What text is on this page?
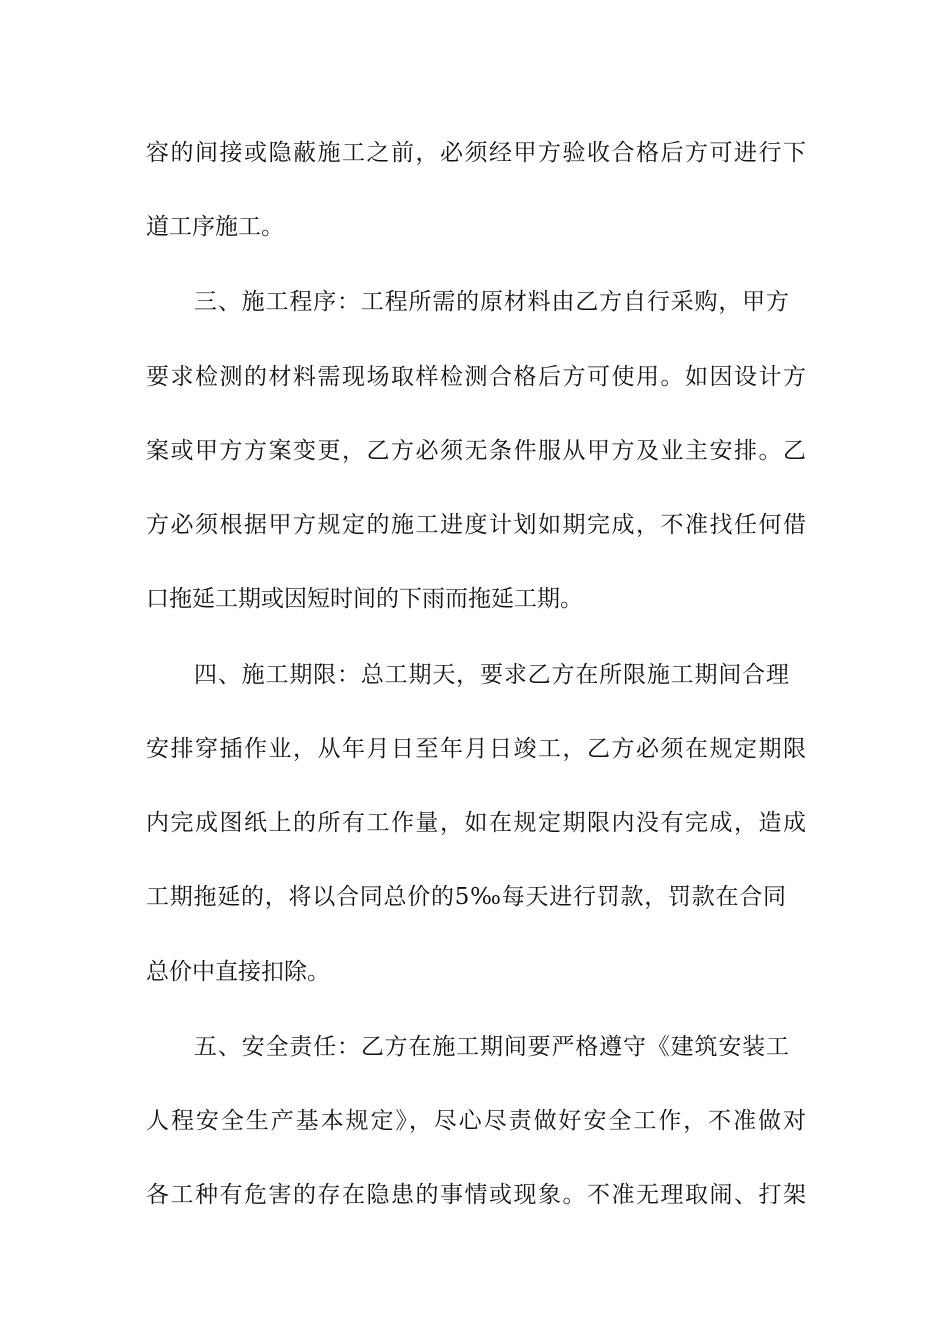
容的间接或隐蔽施工之前，必须经甲方验收合格后方可进行下
道工序施工。
三、施工程序：工程所需的原材料由乙方自行采购，甲方
要求检测的材料需现场取样检测合格后方可使用。如因设计方
案或甲方方案变更，乙方必须无条件服从甲方及业主安排。乙
方必须根据甲方规定的施工进度计划如期完成，不准找任何借
口拖延工期或因短时间的下雨而拖延工期。
四、施工期限：总工期天，要求乙方在所限施工期间合理
安排穿插作业，从年月日至年月日竣工，乙方必须在规定期限
内完成图纸上的所有工作量，如在规定期限内没有完成，造成
工期拖延的，将以合同总价的5‰每天进行罚款，罚款在合同
总价中直接扣除。
五、安全责任：乙方在施工期间要严格遵守《建筑安装工
人程安全生产基本规定》，尽心尽责做好安全工作，不准做对
各工种有危害的存在隐患的事情或现象。不准无理取闹、打架
